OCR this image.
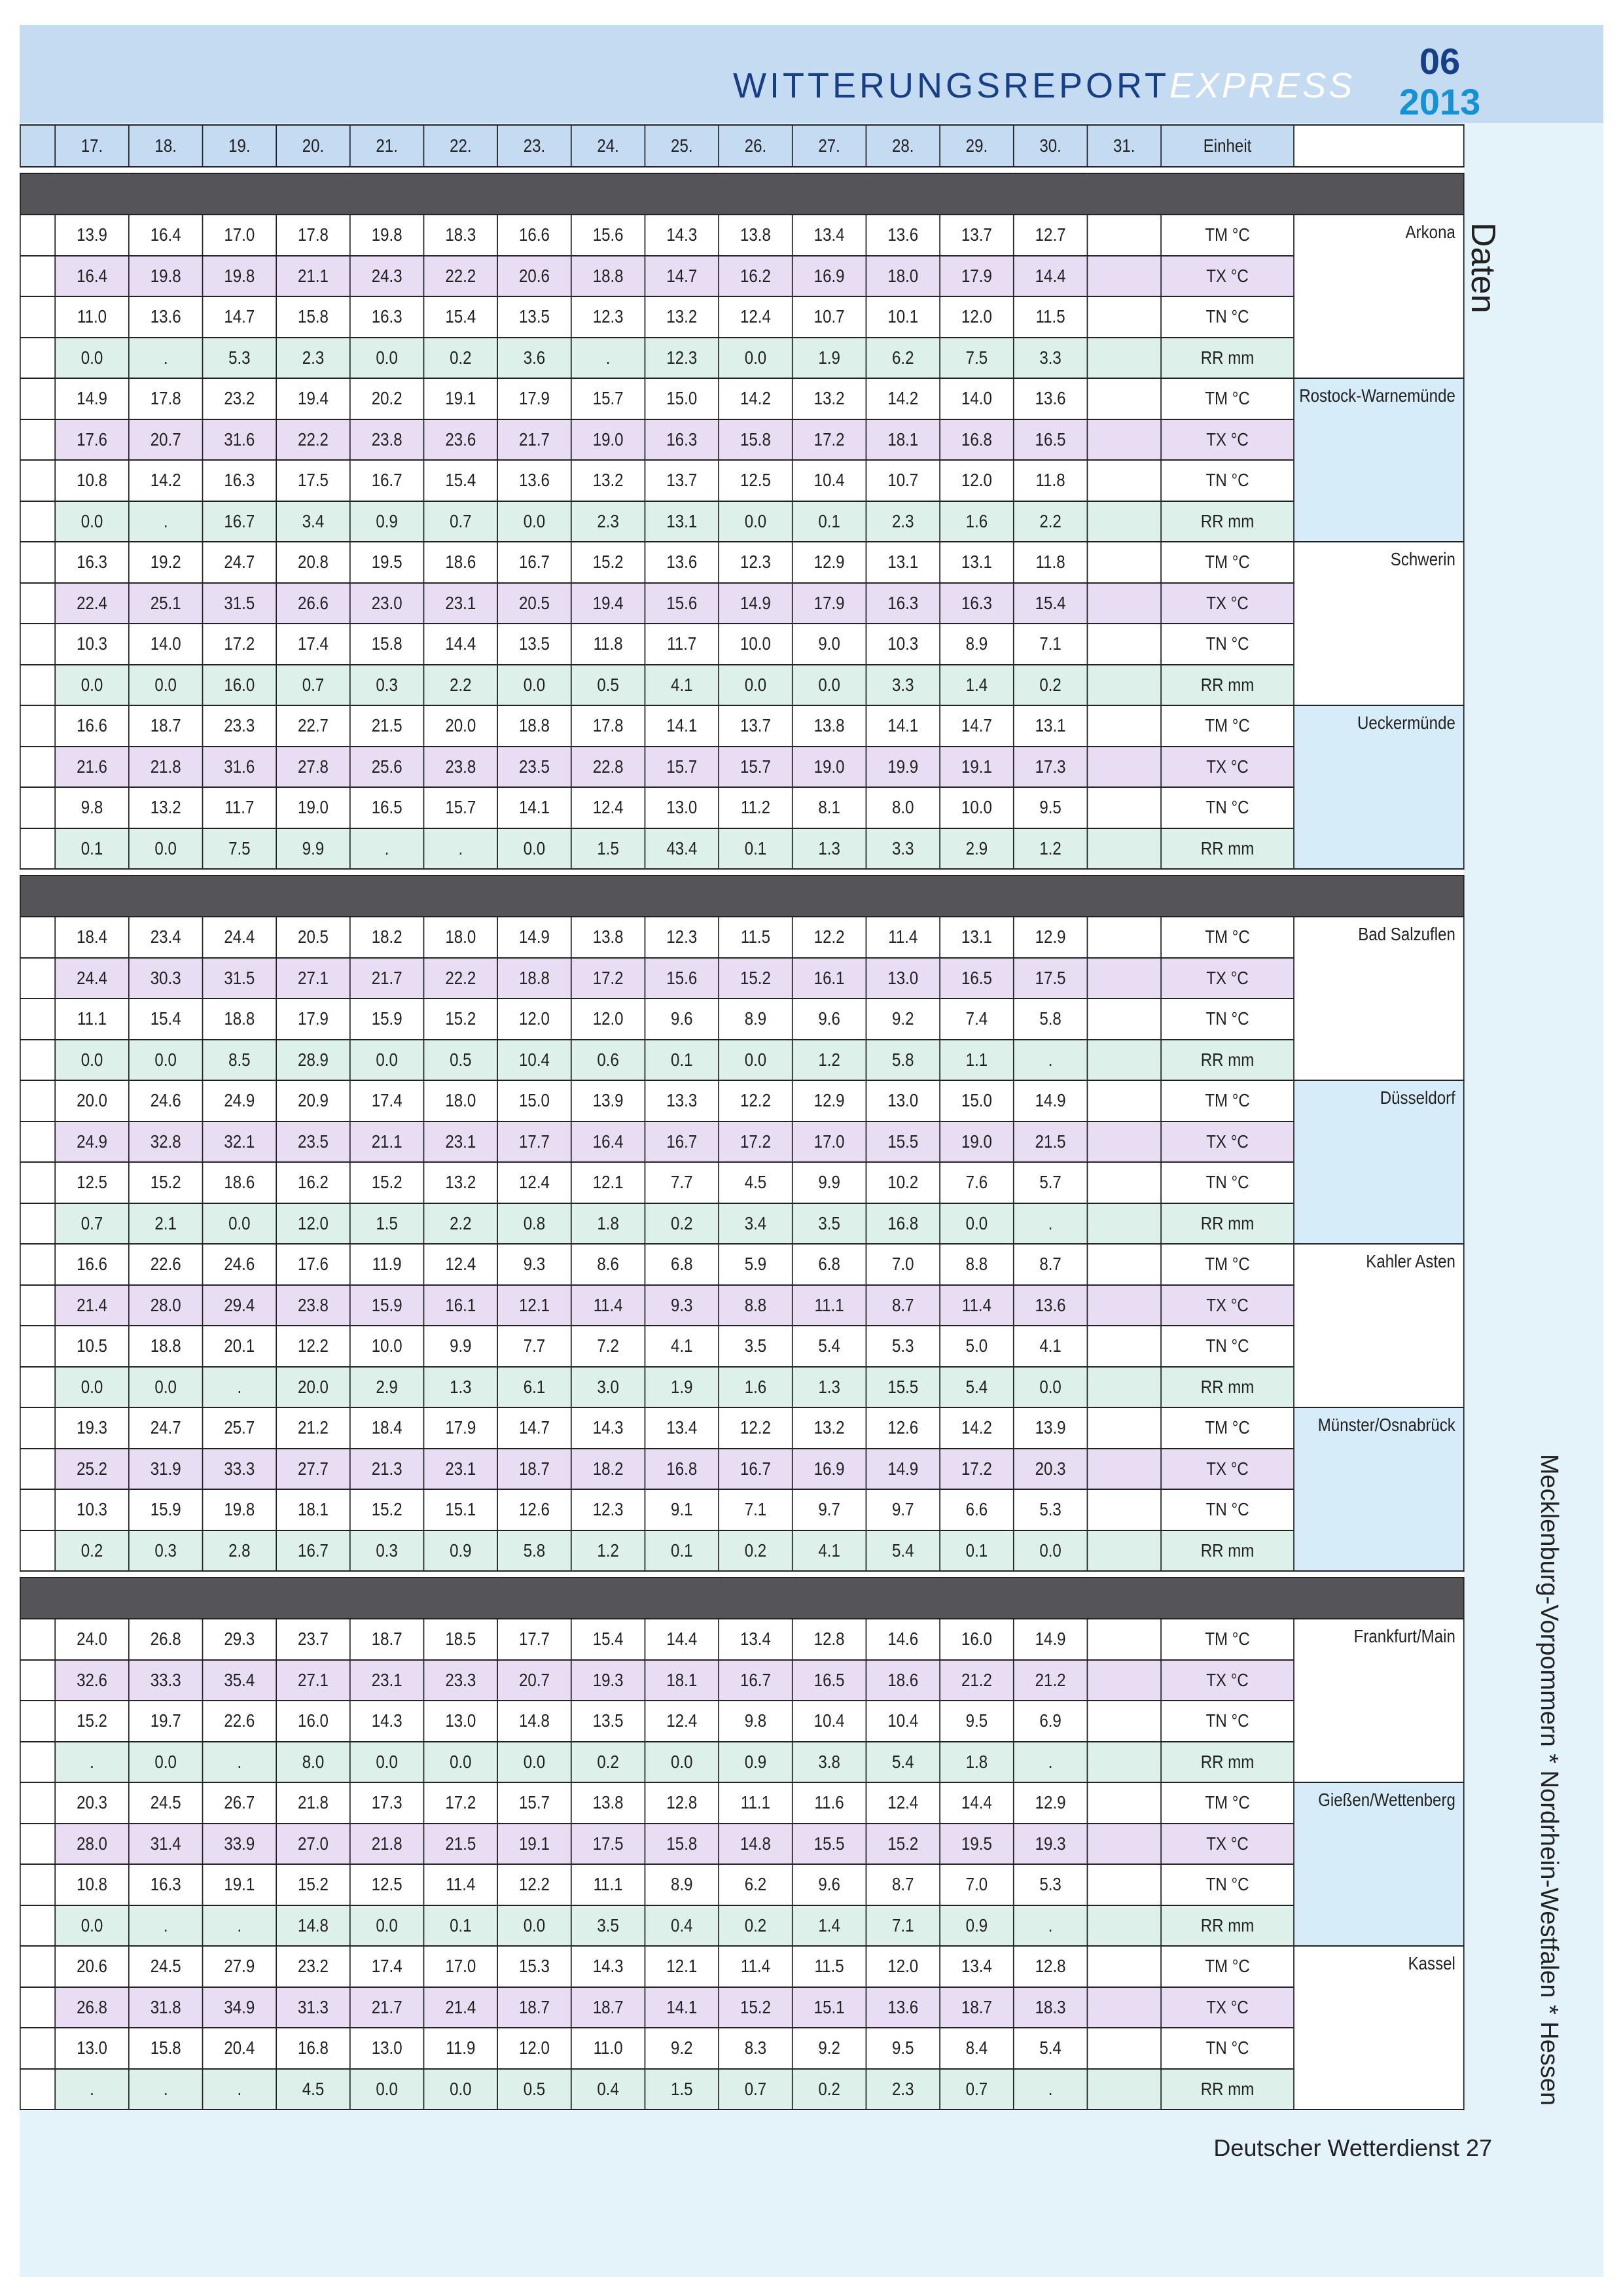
WITTERUNGSREPORTEXPRESS
06
2013
	17.	18.	19.	20.	21.	22.	23.	24.	25.	26.	27.	28.	29.	30.	31.	Einheit	

	13.9	16.4	17.0	17.8	19.8	18.3	16.6	15.6	14.3	13.8	13.4	13.6	13.7	12.7		TM °C	Arkona
	16.4	19.8	19.8	21.1	24.3	22.2	20.6	18.8	14.7	16.2	16.9	18.0	17.9	14.4		TX °C	
	11.0	13.6	14.7	15.8	16.3	15.4	13.5	12.3	13.2	12.4	10.7	10.1	12.0	11.5		TN °C	
	0.0	.	5.3	2.3	0.0	0.2	3.6	.	12.3	0.0	1.9	6.2	7.5	3.3		RR mm	
	14.9	17.8	23.2	19.4	20.2	19.1	17.9	15.7	15.0	14.2	13.2	14.2	14.0	13.6		TM °C	Rostock-Warnemünde
	17.6	20.7	31.6	22.2	23.8	23.6	21.7	19.0	16.3	15.8	17.2	18.1	16.8	16.5		TX °C	
	10.8	14.2	16.3	17.5	16.7	15.4	13.6	13.2	13.7	12.5	10.4	10.7	12.0	11.8		TN °C	
	0.0	.	16.7	3.4	0.9	0.7	0.0	2.3	13.1	0.0	0.1	2.3	1.6	2.2		RR mm	
	16.3	19.2	24.7	20.8	19.5	18.6	16.7	15.2	13.6	12.3	12.9	13.1	13.1	11.8		TM °C	Schwerin
	22.4	25.1	31.5	26.6	23.0	23.1	20.5	19.4	15.6	14.9	17.9	16.3	16.3	15.4		TX °C	
	10.3	14.0	17.2	17.4	15.8	14.4	13.5	11.8	11.7	10.0	9.0	10.3	8.9	7.1		TN °C	
	0.0	0.0	16.0	0.7	0.3	2.2	0.0	0.5	4.1	0.0	0.0	3.3	1.4	0.2		RR mm	
	16.6	18.7	23.3	22.7	21.5	20.0	18.8	17.8	14.1	13.7	13.8	14.1	14.7	13.1		TM °C	Ueckermünde
	21.6	21.8	31.6	27.8	25.6	23.8	23.5	22.8	15.7	15.7	19.0	19.9	19.1	17.3		TX °C	
	9.8	13.2	11.7	19.0	16.5	15.7	14.1	12.4	13.0	11.2	8.1	8.0	10.0	9.5		TN °C	
	0.1	0.0	7.5	9.9	.	.	0.0	1.5	43.4	0.1	1.3	3.3	2.9	1.2		RR mm	

	18.4	23.4	24.4	20.5	18.2	18.0	14.9	13.8	12.3	11.5	12.2	11.4	13.1	12.9		TM °C	Bad Salzuflen
	24.4	30.3	31.5	27.1	21.7	22.2	18.8	17.2	15.6	15.2	16.1	13.0	16.5	17.5		TX °C	
	11.1	15.4	18.8	17.9	15.9	15.2	12.0	12.0	9.6	8.9	9.6	9.2	7.4	5.8		TN °C	
	0.0	0.0	8.5	28.9	0.0	0.5	10.4	0.6	0.1	0.0	1.2	5.8	1.1	.		RR mm	
	20.0	24.6	24.9	20.9	17.4	18.0	15.0	13.9	13.3	12.2	12.9	13.0	15.0	14.9		TM °C	Düsseldorf
	24.9	32.8	32.1	23.5	21.1	23.1	17.7	16.4	16.7	17.2	17.0	15.5	19.0	21.5		TX °C	
	12.5	15.2	18.6	16.2	15.2	13.2	12.4	12.1	7.7	4.5	9.9	10.2	7.6	5.7		TN °C	
	0.7	2.1	0.0	12.0	1.5	2.2	0.8	1.8	0.2	3.4	3.5	16.8	0.0	.		RR mm	
	16.6	22.6	24.6	17.6	11.9	12.4	9.3	8.6	6.8	5.9	6.8	7.0	8.8	8.7		TM °C	Kahler Asten
	21.4	28.0	29.4	23.8	15.9	16.1	12.1	11.4	9.3	8.8	11.1	8.7	11.4	13.6		TX °C	
	10.5	18.8	20.1	12.2	10.0	9.9	7.7	7.2	4.1	3.5	5.4	5.3	5.0	4.1		TN °C	
	0.0	0.0	.	20.0	2.9	1.3	6.1	3.0	1.9	1.6	1.3	15.5	5.4	0.0		RR mm	
	19.3	24.7	25.7	21.2	18.4	17.9	14.7	14.3	13.4	12.2	13.2	12.6	14.2	13.9		TM °C	Münster/Osnabrück
	25.2	31.9	33.3	27.7	21.3	23.1	18.7	18.2	16.8	16.7	16.9	14.9	17.2	20.3		TX °C	
	10.3	15.9	19.8	18.1	15.2	15.1	12.6	12.3	9.1	7.1	9.7	9.7	6.6	5.3		TN °C	
	0.2	0.3	2.8	16.7	0.3	0.9	5.8	1.2	0.1	0.2	4.1	5.4	0.1	0.0		RR mm	

	24.0	26.8	29.3	23.7	18.7	18.5	17.7	15.4	14.4	13.4	12.8	14.6	16.0	14.9		TM °C	Frankfurt/Main
	32.6	33.3	35.4	27.1	23.1	23.3	20.7	19.3	18.1	16.7	16.5	18.6	21.2	21.2		TX °C	
	15.2	19.7	22.6	16.0	14.3	13.0	14.8	13.5	12.4	9.8	10.4	10.4	9.5	6.9		TN °C	
	.	0.0	.	8.0	0.0	0.0	0.0	0.2	0.0	0.9	3.8	5.4	1.8	.		RR mm	
	20.3	24.5	26.7	21.8	17.3	17.2	15.7	13.8	12.8	11.1	11.6	12.4	14.4	12.9		TM °C	Gießen/Wettenberg
	28.0	31.4	33.9	27.0	21.8	21.5	19.1	17.5	15.8	14.8	15.5	15.2	19.5	19.3		TX °C	
	10.8	16.3	19.1	15.2	12.5	11.4	12.2	11.1	8.9	6.2	9.6	8.7	7.0	5.3		TN °C	
	0.0	.	.	14.8	0.0	0.1	0.0	3.5	0.4	0.2	1.4	7.1	0.9	.		RR mm	
	20.6	24.5	27.9	23.2	17.4	17.0	15.3	14.3	12.1	11.4	11.5	12.0	13.4	12.8		TM °C	Kassel
	26.8	31.8	34.9	31.3	21.7	21.4	18.7	18.7	14.1	15.2	15.1	13.6	18.7	18.3		TX °C	
	13.0	15.8	20.4	16.8	13.0	11.9	12.0	11.0	9.2	8.3	9.2	9.5	8.4	5.4		TN °C	
	.	.	.	4.5	0.0	0.0	0.5	0.4	1.5	0.7	0.2	2.3	0.7	.		RR mm	
Daten
Mecklenburg-Vorpommern * Nordrhein-Westfalen * Hessen
Deutscher Wetterdienst 27
